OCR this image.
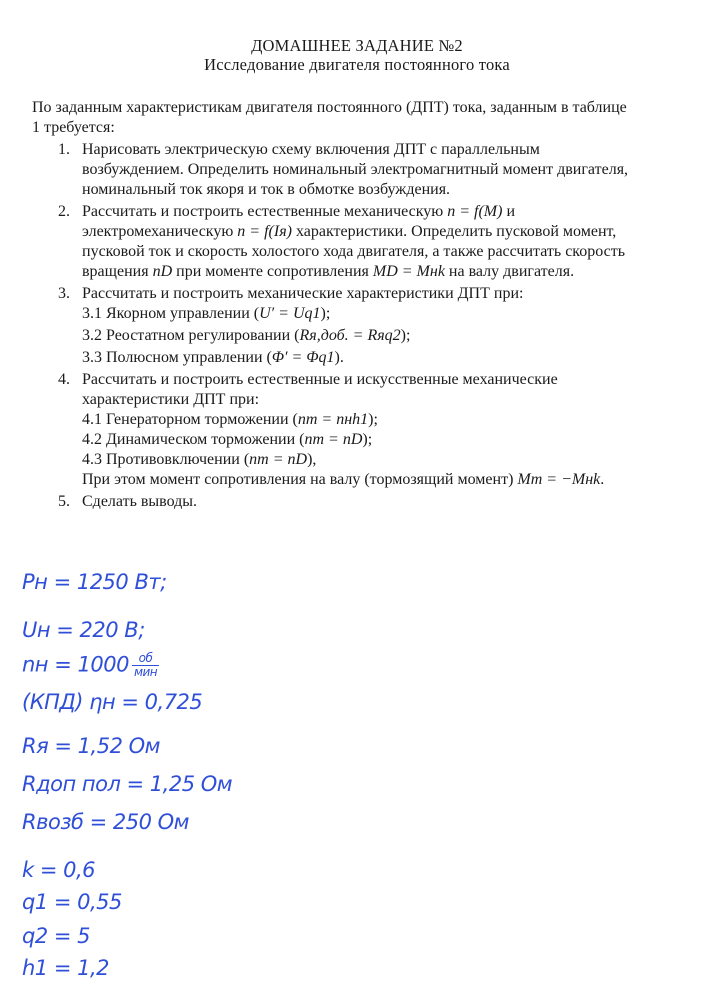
ДОМАШНЕЕ ЗАДАНИЕ №2
Исследование двигателя постоянного тока
По заданным характеристикам двигателя постоянного (ДПТ) тока, заданным в таблице
1 требуется:
1. Нарисовать электрическую схему включения ДПТ с параллельным
возбуждением. Определить номинальный электромагнитный момент двигателя,
номинальный ток якоря и ток в обмотке возбуждения.
2. Рассчитать и построить естественные механическую n = f(M) и
электромеханическую n = f(Iя) характеристики. Определить пусковой момент,
пусковой ток и скорость холостого хода двигателя, а также рассчитать скорость
вращения nD при моменте сопротивления MD = Mнk на валу двигателя.
3. Рассчитать и построить механические характеристики ДПТ при:
3.1 Якорном управлении (U′ = Uq1);
3.2 Реостатном регулировании (Rя,доб. = Rяq2);
3.3 Полюсном управлении (Φ′ = Φq1).
4. Рассчитать и построить естественные и искусственные механические
характеристики ДПТ при:
4.1 Генераторном торможении (nт = nнh1);
4.2 Динамическом торможении (nт = nD);
4.3 Противовключении (nт = nD),
При этом момент сопротивления на валу (тормозящий момент) Mт = −Mнk.
5. Сделать выводы.
Pн = 1250 Вт;
Uн = 220 В;
nн = $1000 \frac{об}{\text{мин}}$
(КПД) ηн = 0,725
Rя = 1,52 Ом
Rдоп пол = 1,25 Ом
Rвозб = 250 Ом
k = 0,6
q1 = 0,55
q2 = 5
h1 = 1,2
